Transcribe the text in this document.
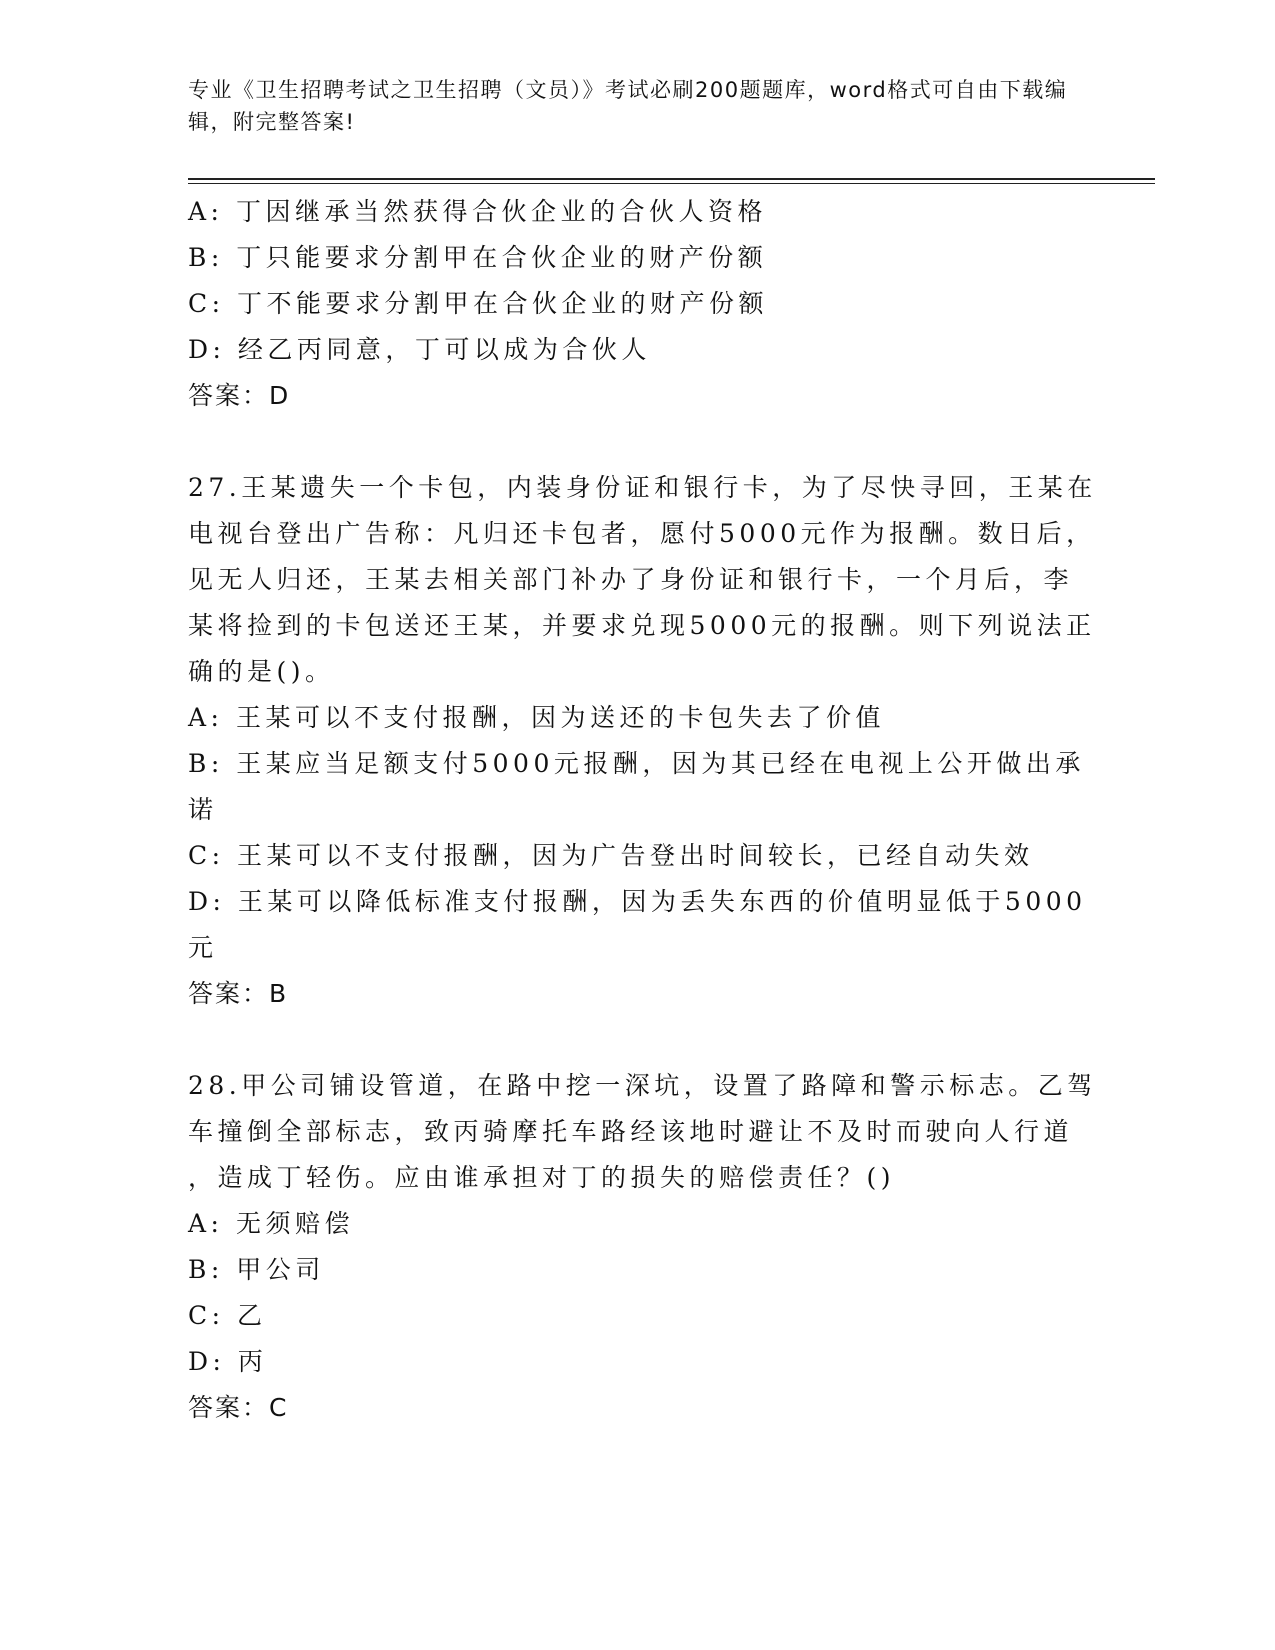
专业《卫生招聘考试之卫生招聘（文员）》考试必刷200题题库，word格式可自由下载编辑，附完整答案!
A: 丁因继承当然获得合伙企业的合伙人资格
B: 丁只能要求分割甲在合伙企业的财产份额
C: 丁不能要求分割甲在合伙企业的财产份额
D: 经乙丙同意，丁可以成为合伙人
答案：D
27.王某遗失一个卡包，内装身份证和银行卡，为了尽快寻回，王某在
电视台登出广告称：凡归还卡包者，愿付5000元作为报酬。数日后，
见无人归还，王某去相关部门补办了身份证和银行卡，一个月后，李
某将捡到的卡包送还王某，并要求兑现5000元的报酬。则下列说法正
确的是()。
A: 王某可以不支付报酬，因为送还的卡包失去了价值
B: 王某应当足额支付5000元报酬，因为其已经在电视上公开做出承
诺
C: 王某可以不支付报酬，因为广告登出时间较长，已经自动失效
D: 王某可以降低标准支付报酬，因为丢失东西的价值明显低于5000
元
答案：B
28.甲公司铺设管道，在路中挖一深坑，设置了路障和警示标志。乙驾
车撞倒全部标志，致丙骑摩托车路经该地时避让不及时而驶向人行道
，造成丁轻伤。应由谁承担对丁的损失的赔偿责任？()
A: 无须赔偿
B: 甲公司
C: 乙
D: 丙
答案：C
